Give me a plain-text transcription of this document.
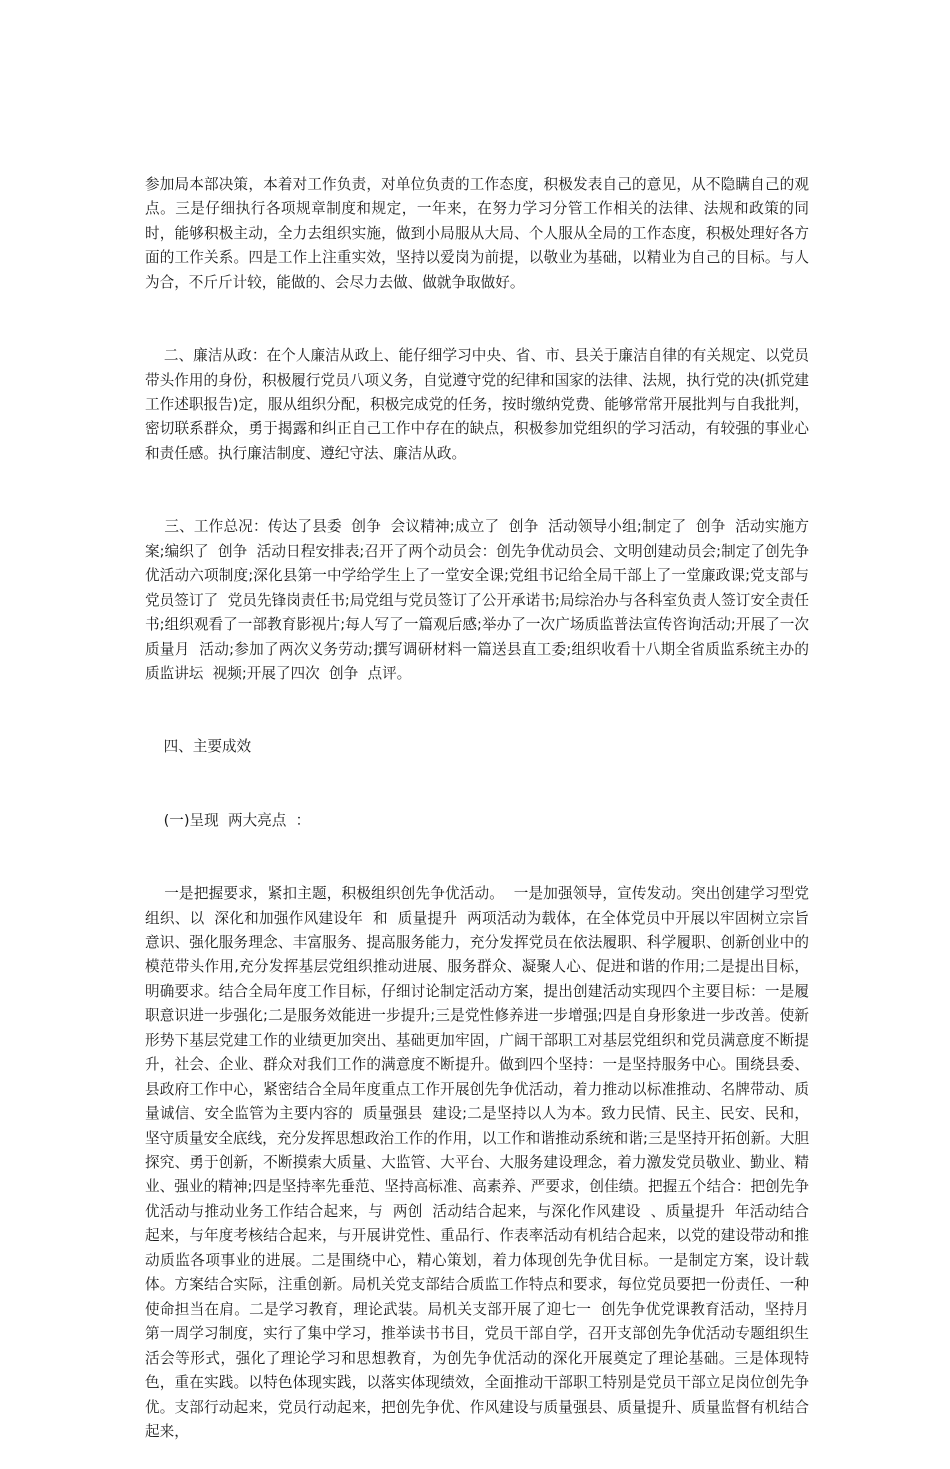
参加局本部决策，本着对工作负责，对单位负责的工作态度，积极发表自己的意见，从不隐瞒自己的观点。三是仔细执行各项规章制度和规定，一年来，在努力学习分管工作相关的法律、法规和政策的同时，能够积极主动，全力去组织实施，做到小局服从大局、个人服从全局的工作态度，积极处理好各方面的工作关系。四是工作上注重实效，坚持以爱岗为前提，以敬业为基础，以精业为自己的目标。与人为合，不斤斤计较，能做的、会尽力去做、做就争取做好。

二、廉洁从政：在个人廉洁从政上、能仔细学习中央、省、市、县关于廉洁自律的有关规定、以党员带头作用的身份，积极履行党员八项义务，自觉遵守党的纪律和国家的法律、法规，执行党的决(抓党建工作述职报告)定，服从组织分配，积极完成党的任务，按时缴纳党费、能够常常开展批判与自我批判，密切联系群众，勇于揭露和纠正自己工作中存在的缺点，积极参加党组织的学习活动，有较强的事业心和责任感。执行廉洁制度、遵纪守法、廉洁从政。

三、工作总况：传达了县委  创争  会议精神;成立了  创争  活动领导小组;制定了  创争  活动实施方案;编织了  创争  活动日程安排表;召开了两个动员会：创先争优动员会、文明创建动员会;制定了创先争优活动六项制度;深化县第一中学给学生上了一堂安全课;党组书记给全局干部上了一堂廉政课;党支部与党员签订了  党员先锋岗责任书;局党组与党员签订了公开承诺书;局综治办与各科室负责人签订安全责任书;组织观看了一部教育影视片;每人写了一篇观后感;举办了一次广场质监普法宣传咨询活动;开展了一次  质量月  活动;参加了两次义务劳动;撰写调研材料一篇送县直工委;组织收看十八期全省质监系统主办的  质监讲坛  视频;开展了四次  创争  点评。

四、主要成效

(一)呈现  两大亮点  ：

一是把握要求，紧扣主题，积极组织创先争优活动。  一是加强领导，宣传发动。突出创建学习型党组织、以  深化和加强作风建设年  和  质量提升  两项活动为载体，在全体党员中开展以牢固树立宗旨意识、强化服务理念、丰富服务、提高服务能力，充分发挥党员在依法履职、科学履职、创新创业中的模范带头作用,充分发挥基层党组织推动进展、服务群众、凝聚人心、促进和谐的作用;二是提出目标，明确要求。结合全局年度工作目标，仔细讨论制定活动方案，提出创建活动实现四个主要目标：一是履职意识进一步强化;二是服务效能进一步提升;三是党性修养进一步增强;四是自身形象进一步改善。使新形势下基层党建工作的业绩更加突出、基础更加牢固，广阔干部职工对基层党组织和党员满意度不断提升，社会、企业、群众对我们工作的满意度不断提升。做到四个坚持：一是坚持服务中心。围绕县委、县政府工作中心，紧密结合全局年度重点工作开展创先争优活动，着力推动以标准推动、名牌带动、质量诚信、安全监管为主要内容的  质量强县  建设;二是坚持以人为本。致力民情、民主、民安、民和，坚守质量安全底线，充分发挥思想政治工作的作用，以工作和谐推动系统和谐;三是坚持开拓创新。大胆探究、勇于创新，不断摸索大质量、大监管、大平台、大服务建设理念，着力激发党员敬业、勤业、精业、强业的精神;四是坚持率先垂范、坚持高标准、高素养、严要求，创佳绩。把握五个结合：把创先争优活动与推动业务工作结合起来，与  两创  活动结合起来，与深化作风建设  、质量提升  年活动结合起来，与年度考核结合起来，与开展讲党性、重品行、作表率活动有机结合起来，以党的建设带动和推动质监各项事业的进展。二是围绕中心，精心策划，着力体现创先争优目标。一是制定方案，设计载体。方案结合实际，注重创新。局机关党支部结合质监工作特点和要求，每位党员要把一份责任、一种使命担当在肩。二是学习教育，理论武装。局机关支部开展了迎七一  创先争优党课教育活动，坚持月第一周学习制度，实行了集中学习，推举读书书目，党员干部自学，召开支部创先争优活动专题组织生活会等形式，强化了理论学习和思想教育，为创先争优活动的深化开展奠定了理论基础。三是体现特色，重在实践。以特色体现实践，以落实体现绩效，全面推动干部职工特别是党员干部立足岗位创先争优。支部行动起来，党员行动起来，把创先争优、作风建设与质量强县、质量提升、质量监督有机结合起来，
